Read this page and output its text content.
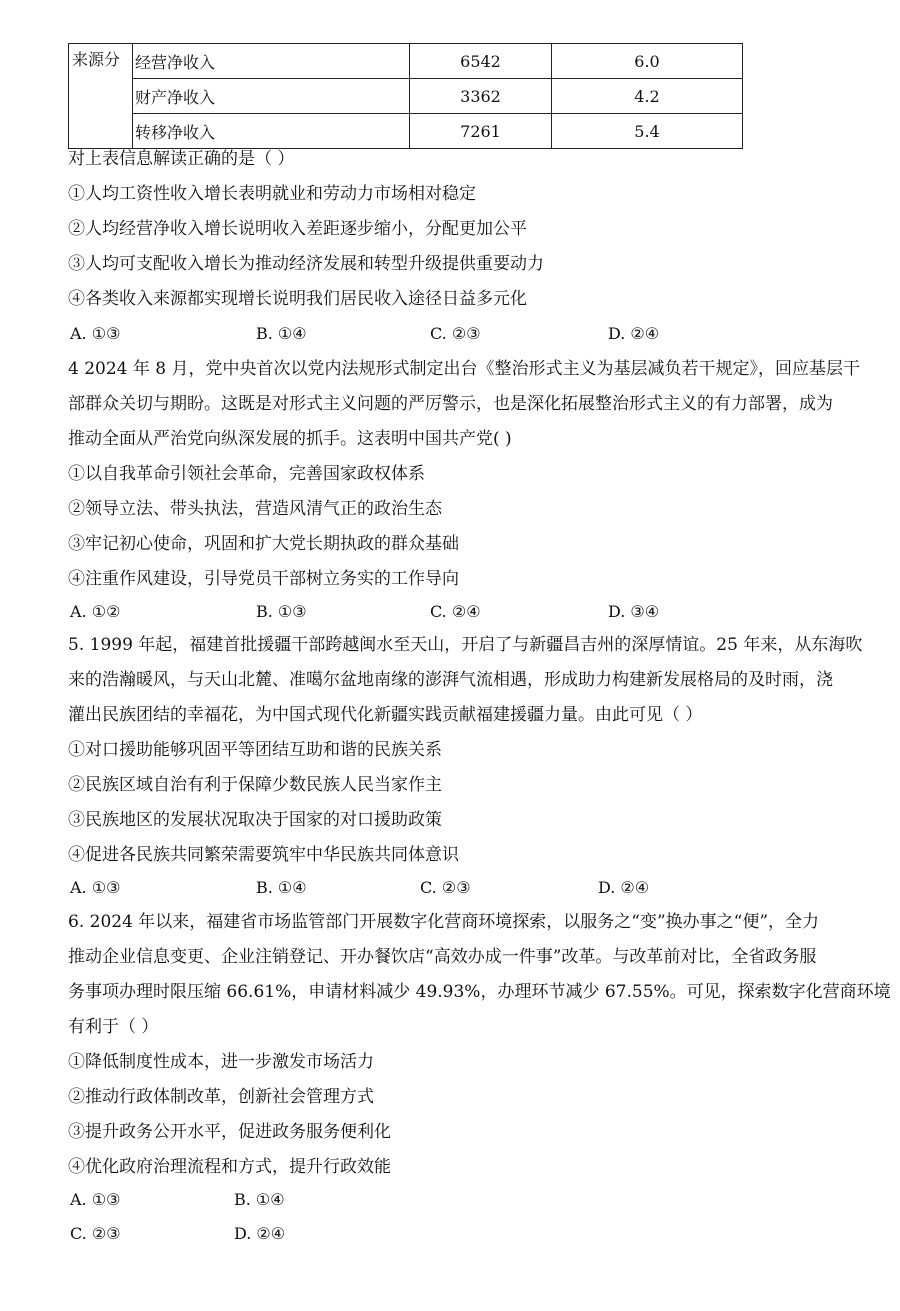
来源分	经营净收入	6542	6.0
	财产净收入	3362	4.2
	转移净收入	7261	5.4
对上表信息解读正确的是（ ）
①人均工资性收入增长表明就业和劳动力市场相对稳定
②人均经营净收入增长说明收入差距逐步缩小，分配更加公平
③人均可支配收入增长为推动经济发展和转型升级提供重要动力
④各类收入来源都实现增长说明我们居民收入途径日益多元化
A. ①③	B. ①④	C. ②③	D. ②④
4 2024 年 8 月，党中央首次以党内法规形式制定出台《整治形式主义为基层减负若干规定》，回应基层干
部群众关切与期盼。这既是对形式主义问题的严厉警示，也是深化拓展整治形式主义的有力部署，成为
推动全面从严治党向纵深发展的抓手。这表明中国共产党( )
①以自我革命引领社会革命，完善国家政权体系
②领导立法、带头执法，营造风清气正的政治生态
③牢记初心使命，巩固和扩大党长期执政的群众基础
④注重作风建设，引导党员干部树立务实的工作导向
A. ①②	B. ①③	C. ②④	D. ③④
5. 1999 年起，福建首批援疆干部跨越闽水至天山，开启了与新疆昌吉州的深厚情谊。25 年来，从东海吹
来的浩瀚暖风，与天山北麓、准噶尔盆地南缘的澎湃气流相遇，形成助力构建新发展格局的及时雨，浇
灌出民族团结的幸福花，为中国式现代化新疆实践贡献福建援疆力量。由此可见（ ）
①对口援助能够巩固平等团结互助和谐的民族关系
②民族区域自治有利于保障少数民族人民当家作主
③民族地区的发展状况取决于国家的对口援助政策
④促进各民族共同繁荣需要筑牢中华民族共同体意识
A. ①③	B. ①④	C. ②③	D. ②④
6. 2024 年以来，福建省市场监管部门开展数字化营商环境探索，以服务之“变”换办事之“便”，全力
推动企业信息变更、企业注销登记、开办餐饮店“高效办成一件事”改革。与改革前对比，全省政务服
务事项办理时限压缩 66.61%，申请材料减少 49.93%，办理环节减少 67.55%。可见，探索数字化营商环境
有利于（ ）
①降低制度性成本，进一步激发市场活力
②推动行政体制改革，创新社会管理方式
③提升政务公开水平，促进政务服务便利化
④优化政府治理流程和方式，提升行政效能
A. ①③	B. ①④
C. ②③	D. ②④
